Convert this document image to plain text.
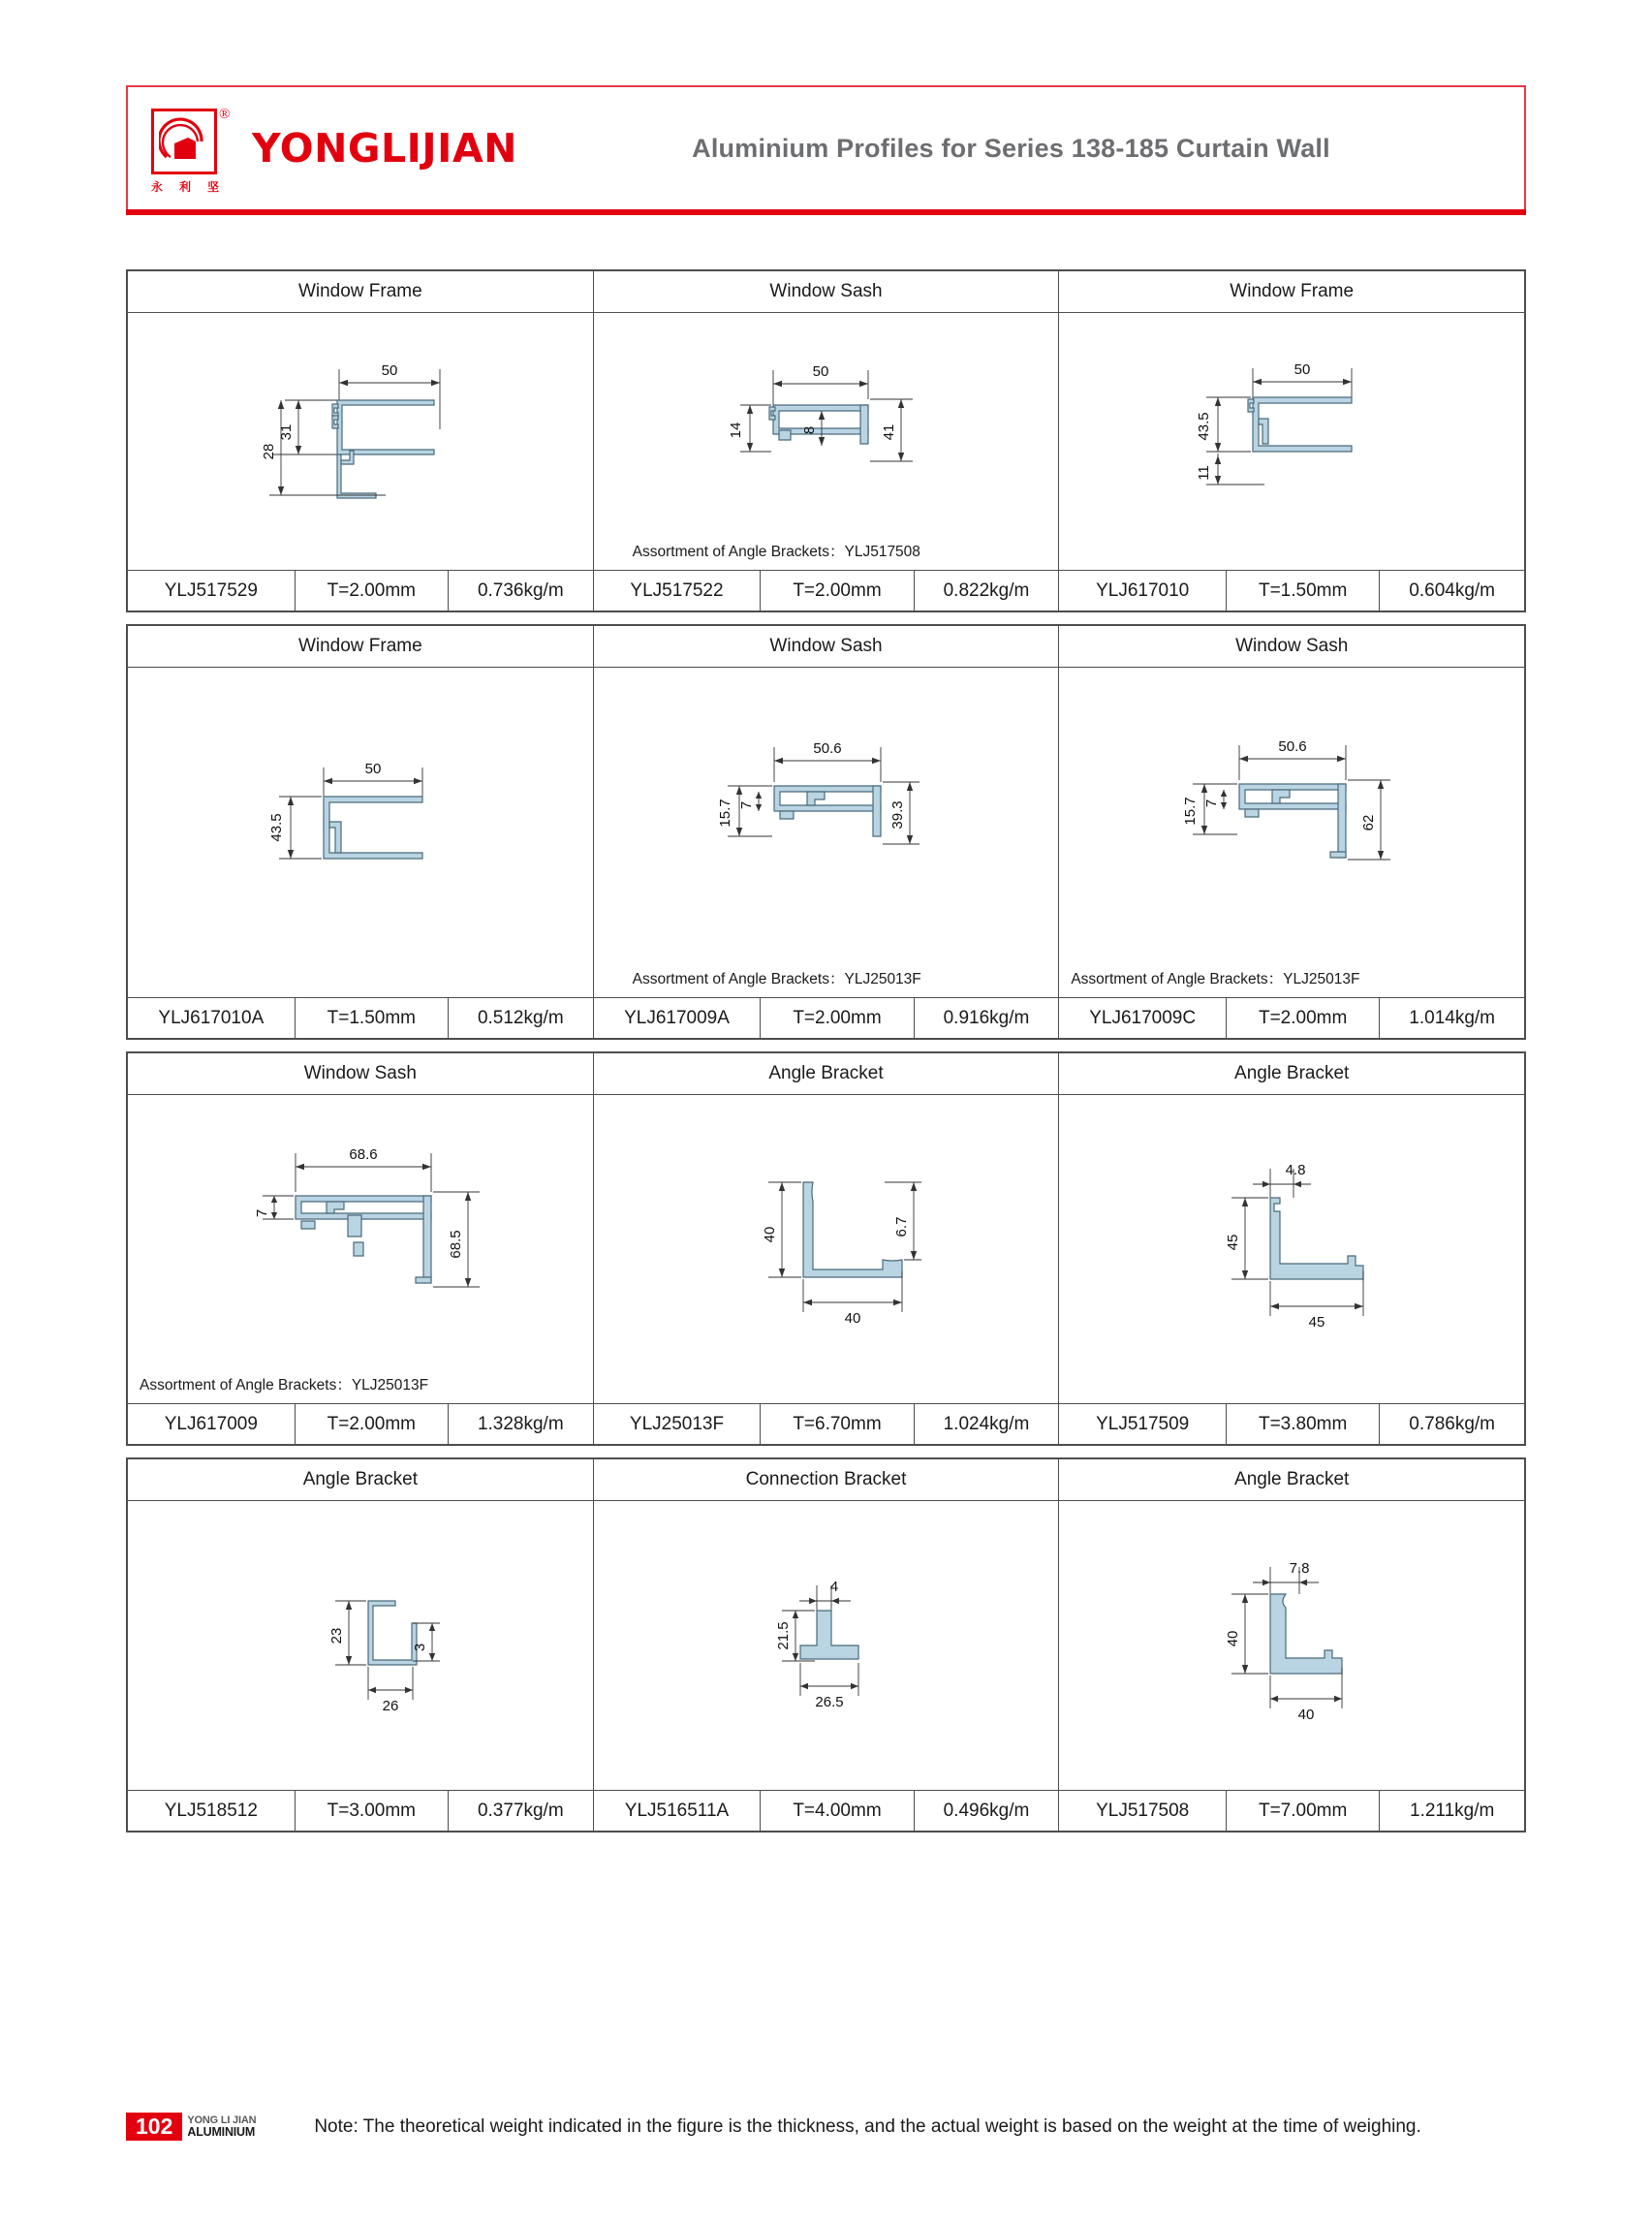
®
永 利 坚
YONGLIJIAN	Aluminium Profiles for Series 138-185 Curtain Wall
Window Frame	Window Sash	Window Frame
50
31
28
50
14	8	41
Assortment of Angle Brackets：YLJ517508
50
43.5
11
YLJ517529	T=2.00mm	0.736kg/m	YLJ517522	T=2.00mm	0.822kg/m	YLJ617010	T=1.50mm	0.604kg/m
Window Frame	Window Sash	Window Sash
50
43.5
50.6
15.7 7	39.3
Assortment of Angle Brackets：YLJ25013F
50.6
15.7 7
62
Assortment of Angle Brackets：YLJ25013F
YLJ617010A	T=1.50mm	0.512kg/m	YLJ617009A	T=2.00mm	0.916kg/m	YLJ617009C	T=2.00mm	1.014kg/m
Window Sash	Angle Bracket	Angle Bracket
68.6
7
68.5
Assortment of Angle Brackets：YLJ25013F
40	6.7
40
4.8
45
45
YLJ617009	T=2.00mm	1.328kg/m	YLJ25013F	T=6.70mm	1.024kg/m	YLJ517509	T=3.80mm	0.786kg/m
Angle Bracket	Connection Bracket	Angle Bracket
23
3
26
4
21.5
26.5
7.8
40
40
YLJ518512	T=3.00mm	0.377kg/m	YLJ516511A	T=4.00mm	0.496kg/m	YLJ517508	T=7.00mm	1.211kg/m
102	YONG LI JIAN
ALUMINIUM	Note: The theoretical weight indicated in the figure is the thickness, and the actual weight is based on the weight at the time of weighing.
